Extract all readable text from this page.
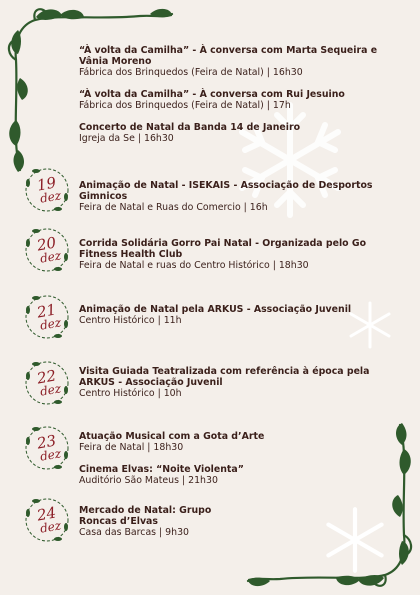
“À volta da Camilha” - À conversa com Marta Sequeira e Vânia Moreno
Fábrica dos Brinquedos (Feira de Natal) | 16h30
“À volta da Camilha” - À conversa com Rui Jesuino
Fábrica dos Brinquedos (Feira de Natal) | 17h
Concerto de Natal da Banda 14 de Janeiro
Igreja da Se | 16h30
19
dez
Animação de Natal - ISEKAIS - Associação de Desportos Gimnicos
Feira de Natal e Ruas do Comercio | 16h
20
dez
Corrida Solidária Gorro Pai Natal - Organizada pelo Go Fitness Health Club
Feira de Natal e ruas do Centro Histórico | 18h30
21
dez
Animação de Natal pela ARKUS - Associação Juvenil
Centro Histórico | 11h
22
dez
Visita Guiada Teatralizada com referência à época pela ARKUS - Associação Juvenil
Centro Histórico | 10h
23
dez
Atuação Musical com a Gota d’Arte
Feira de Natal | 18h30
Cinema Elvas: “Noite Violenta”
Auditório São Mateus | 21h30
24
dez
Mercado de Natal: Grupo Roncas d’Elvas
Casa das Barcas | 9h30
